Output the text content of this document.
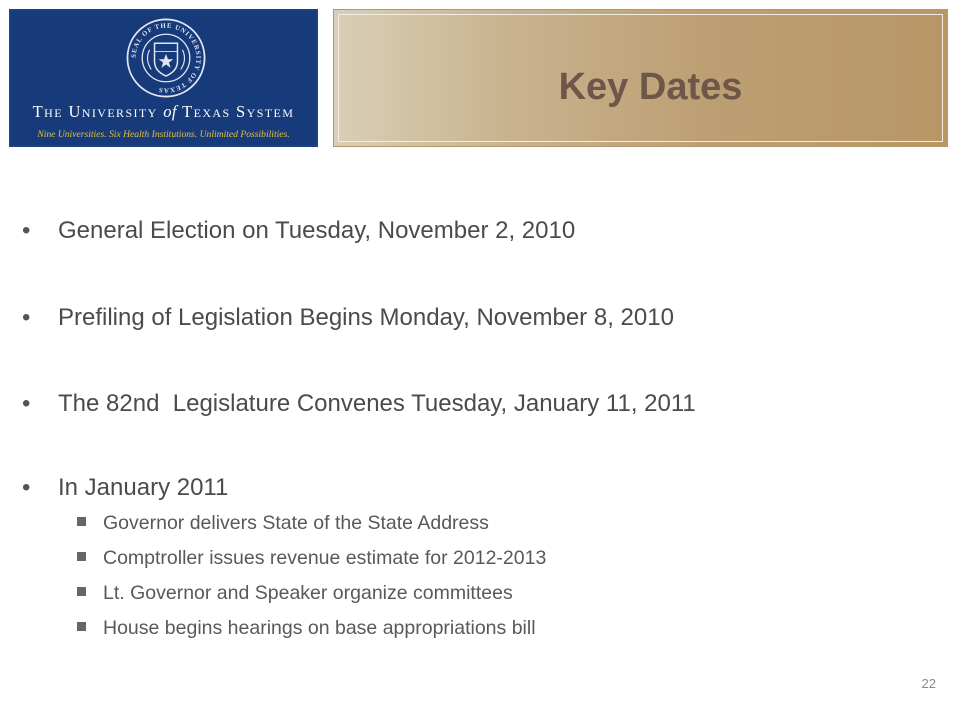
SEAL OF THE UNIVERSITY OF TEXAS
The University of Texas System
Nine Universities. Six Health Institutions. Unlimited Possibilities.
Key Dates
• General Election on Tuesday, November 2, 2010
• Prefiling of Legislation Begins Monday, November 8, 2010
• The 82nd  Legislature Convenes Tuesday, January 11, 2011
• In January 2011
Governor delivers State of the State Address
Comptroller issues revenue estimate for 2012-2013
Lt. Governor and Speaker organize committees
House begins hearings on base appropriations bill
22
